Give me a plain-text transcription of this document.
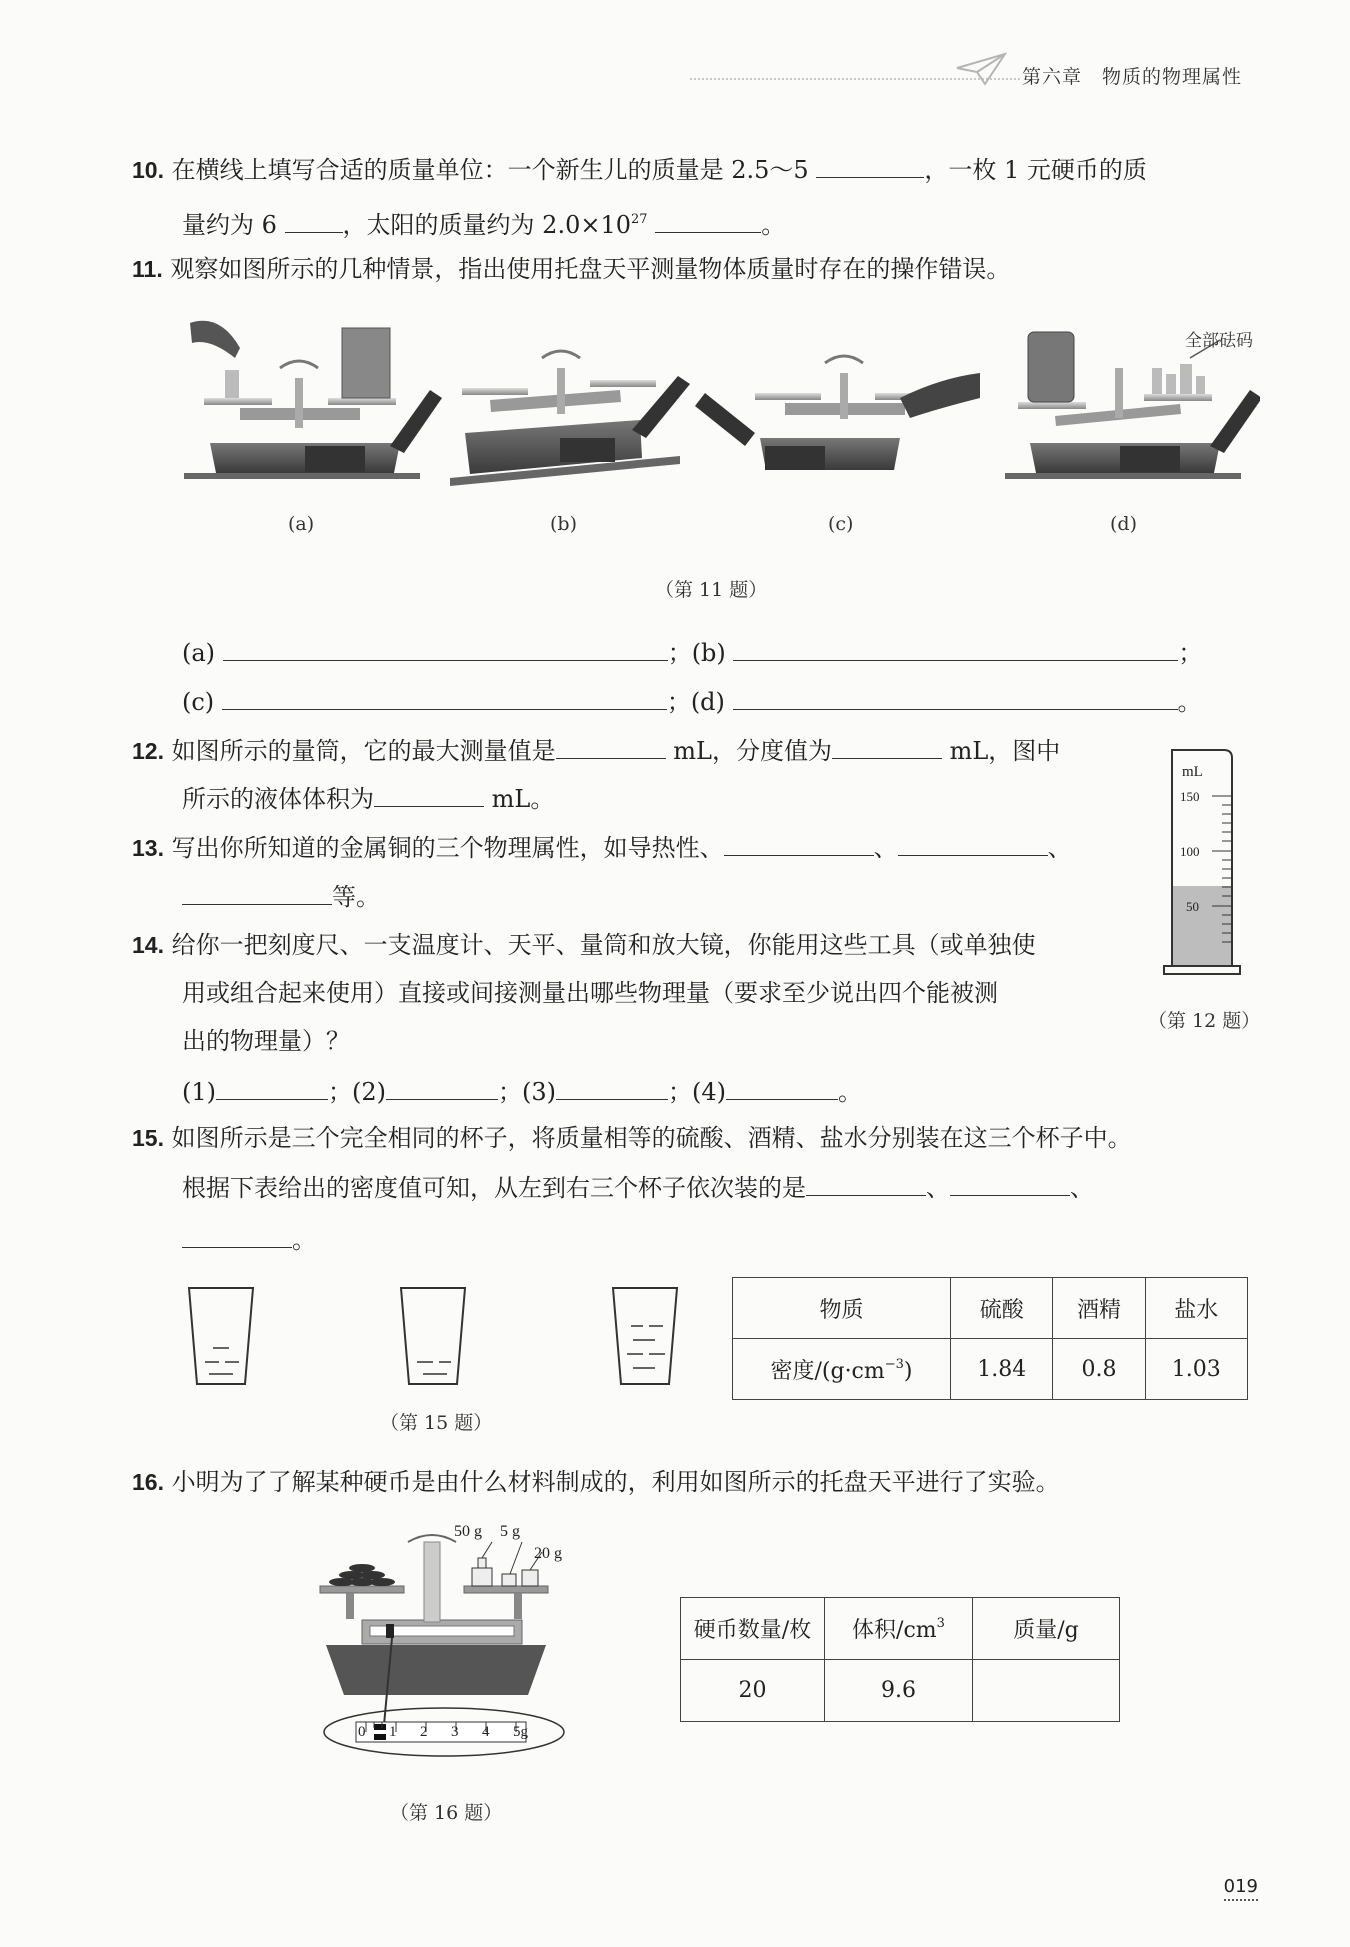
第六章　物质的物理属性
10. 在横线上填写合适的质量单位：一个新生儿的质量是 2.5～5	，一枚 1 元硬币的质
量约为 6	，太阳的质量约为 $2.0\times 10^{27}$	。
11. 观察如图所示的几种情景，指出使用托盘天平测量物体质量时存在的操作错误。
全部砝码
(a)	(b)	(c)	(d)
（第 11 题）
(a)	；(b)	；
(c)	；(d)	。
12. 如图所示的量筒，它的最大测量值是	mL，分度值为	mL，图中
所示的液体体积为	mL。
mL
150
100
50
（第 12 题）
13. 写出你所知道的金属铜的三个物理属性，如导热性、	、	、
等。
14. 给你一把刻度尺、一支温度计、天平、量筒和放大镜，你能用这些工具（或单独使
用或组合起来使用）直接或间接测量出哪些物理量（要求至少说出四个能被测
出的物理量）？
(1)	；(2)	；(3)	；(4)	。
15. 如图所示是三个完全相同的杯子，将质量相等的硫酸、酒精、盐水分别装在这三个杯子中。
根据下表给出的密度值可知，从左到右三个杯子依次装的是	、	、
。
（第 15 题）
物质	硫酸	酒精	盐水
密度$/(g\cdot cm^{-3})$	1.84	0.8	1.03
16. 小明为了了解某种硬币是由什么材料制成的，利用如图所示的托盘天平进行了实验。
50 g 5 g
20 g
0 1 2 3 4 5g
（第 16 题）
硬币数量/枚	体积$/cm^3$	质量/g
20	9.6	
019
